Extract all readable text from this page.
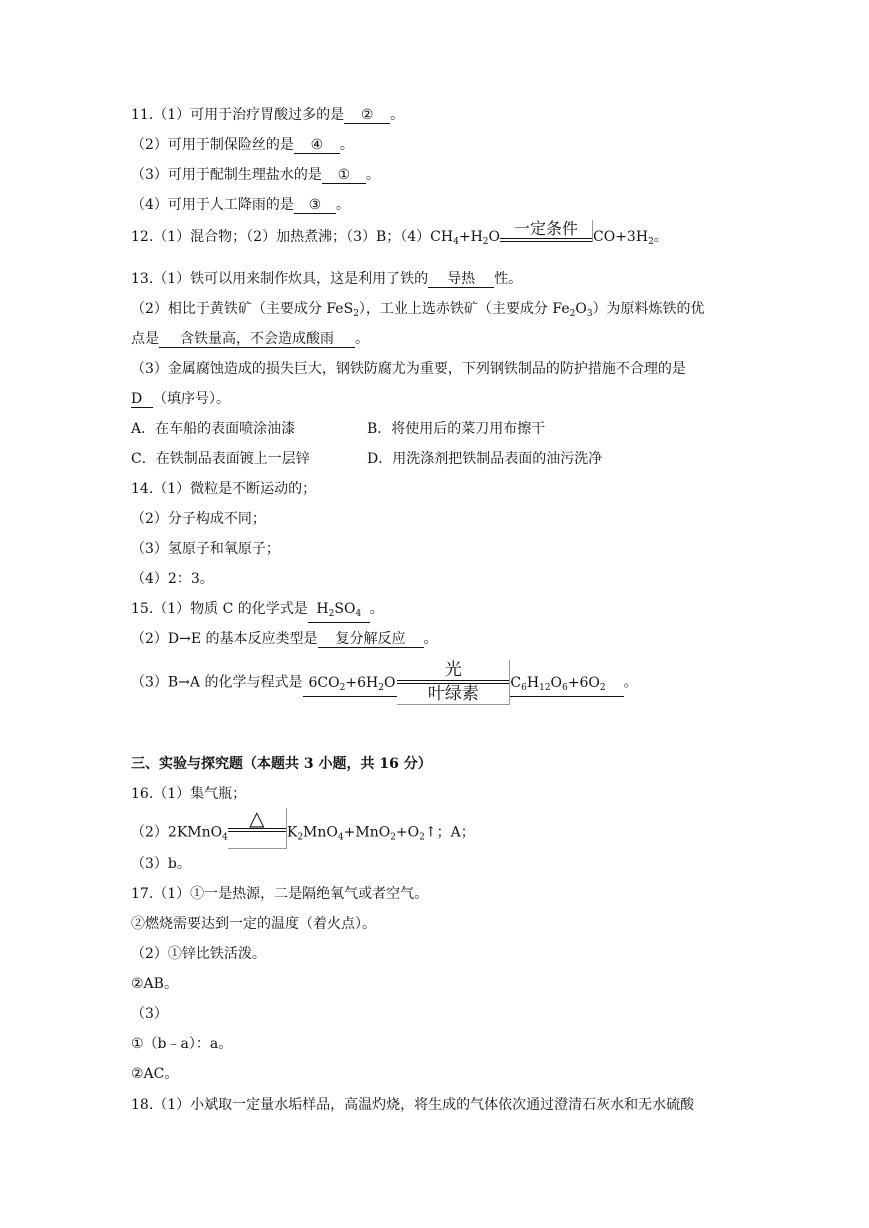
11.（1）可用于治疗胃酸过多的是 ② 。
（2）可用于制保险丝的是 ④ 。
（3）可用于配制生理盐水的是 ① 。
（4）可用于人工降雨的是 ③ 。
12.（1）混合物；（2）加热煮沸；（3）B；$(4)CH_4+H_2O$ 一定条件	$CO+3H_2$。
13.（1）铁可以用来制作炊具，这是利用了铁的 导热 性。
（2）相比于黄铁矿（主要成分 FeS$_2$），工业上选赤铁矿（主要成分 $Fe_2O_3$）为原料炼铁的优
点是 含铁量高，不会造成酸雨 。
（3）金属腐蚀造成的损失巨大，钢铁防腐尤为重要，下列钢铁制品的防护措施不合理的是
D （填序号）。
A．在车船的表面喷涂油漆	B．将使用后的菜刀用布擦干
C．在铁制品表面镀上一层锌	D．用洗涤剂把铁制品表面的油污洗净
14.（1）微粒是不断运动的；
（2）分子构成不同；
（3）氢原子和氧原子；
（4）2：3。
15.（1）物质 C 的化学式是 $H_2SO_4$ 。
（2）D→E 的基本反应类型是 复分解反应 。
（3）B→A 的化学与程式是 $6CO_2+6H_2O$
光
叶绿素
$C_6H_{12}O_6+6O_2$ 。
三、实验与探究题（本题共 3 小题，共 16 分）
16.（1）集气瓶；
（2）2KMnO$_4$
△
$K_2MnO_4+MnO_2+O_2↑$；A；
（3）b。
17.（1）①一是热源，二是隔绝氧气或者空气。
②燃烧需要达到一定的温度（着火点）。
（2）①锌比铁活泼。
②AB。
（3）
①（b﹣a）：a。
②AC。
18.（1）小斌取一定量水垢样品，高温灼烧，将生成的气体依次通过澄清石灰水和无水硫酸
